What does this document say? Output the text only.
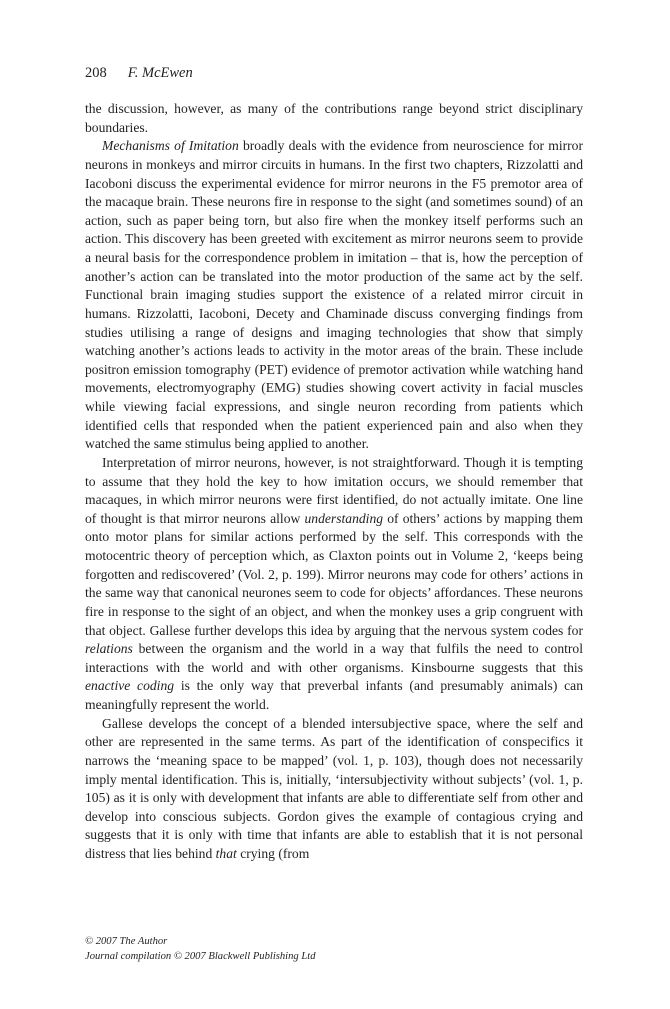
208 F. McEwen

the discussion, however, as many of the contributions range beyond strict disciplinary boundaries.

Mechanisms of Imitation broadly deals with the evidence from neuroscience for mirror neurons in monkeys and mirror circuits in humans. In the first two chapters, Rizzolatti and Iacoboni discuss the experimental evidence for mirror neurons in the F5 premotor area of the macaque brain. These neurons fire in response to the sight (and sometimes sound) of an action, such as paper being torn, but also fire when the monkey itself performs such an action. This discovery has been greeted with excitement as mirror neurons seem to provide a neural basis for the correspondence problem in imitation – that is, how the perception of another’s action can be translated into the motor production of the same act by the self. Functional brain imaging studies support the existence of a related mirror circuit in humans. Rizzolatti, Iacoboni, Decety and Chaminade discuss converging findings from studies utilising a range of designs and imaging technologies that show that simply watching another’s actions leads to activity in the motor areas of the brain. These include positron emission tomography (PET) evidence of premotor activation while watching hand movements, electromyography (EMG) studies showing covert activity in facial muscles while viewing facial expressions, and single neuron recording from patients which identified cells that responded when the patient experienced pain and also when they watched the same stimulus being applied to another.

Interpretation of mirror neurons, however, is not straightforward. Though it is tempting to assume that they hold the key to how imitation occurs, we should remember that macaques, in which mirror neurons were first identified, do not actually imitate. One line of thought is that mirror neurons allow understanding of others’ actions by mapping them onto motor plans for similar actions performed by the self. This corresponds with the motocentric theory of perception which, as Claxton points out in Volume 2, ‘keeps being forgotten and rediscovered’ (Vol. 2, p. 199). Mirror neurons may code for others’ actions in the same way that canonical neurones seem to code for objects’ affordances. These neurons fire in response to the sight of an object, and when the monkey uses a grip congruent with that object. Gallese further develops this idea by arguing that the nervous system codes for relations between the organism and the world in a way that fulfils the need to control interactions with the world and with other organisms. Kinsbourne suggests that this enactive coding is the only way that preverbal infants (and presumably animals) can meaningfully represent the world.

Gallese develops the concept of a blended intersubjective space, where the self and other are represented in the same terms. As part of the identification of conspecifics it narrows the ‘meaning space to be mapped’ (vol. 1, p. 103), though does not necessarily imply mental identification. This is, initially, ‘intersubjectivity without subjects’ (vol. 1, p. 105) as it is only with development that infants are able to differentiate self from other and develop into conscious subjects. Gordon gives the example of contagious crying and suggests that it is only with time that infants are able to establish that it is not personal distress that lies behind that crying (from

© 2007 The Author
Journal compilation © 2007 Blackwell Publishing Ltd
